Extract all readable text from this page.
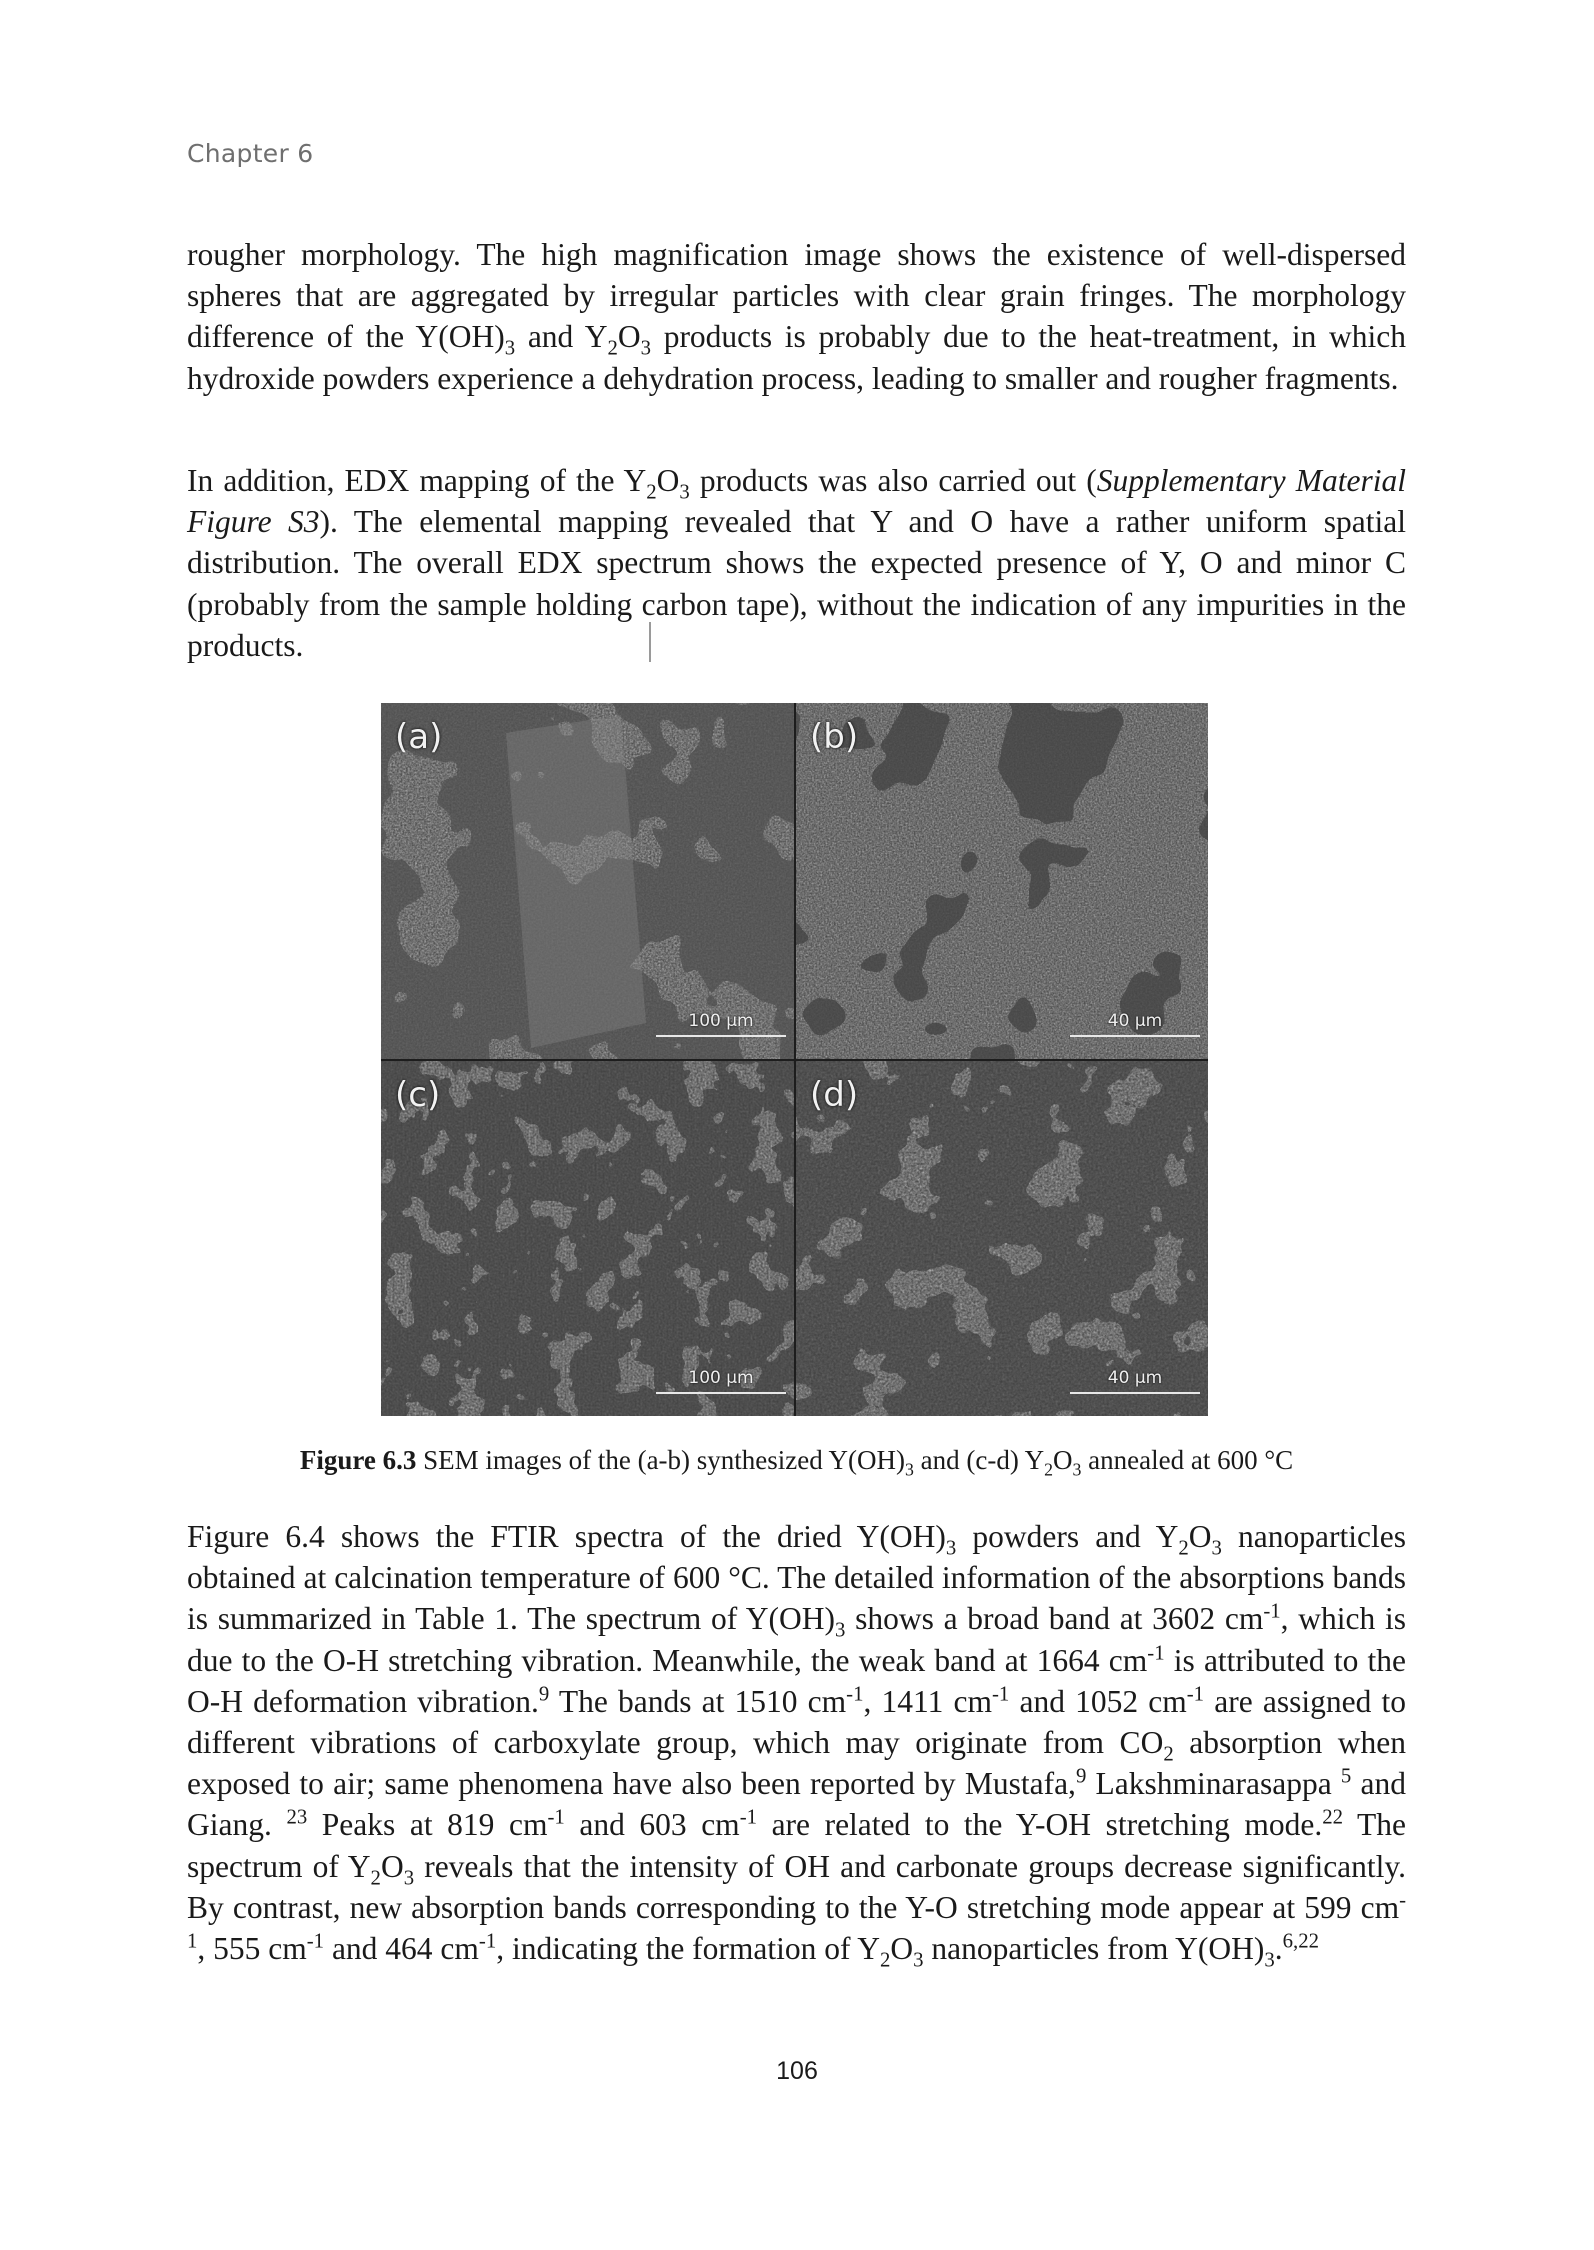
Chapter 6

rougher morphology. The high magnification image shows the existence of well-dispersed spheres that are aggregated by irregular particles with clear grain fringes. The morphology difference of the $Y(OH)_3$ and $Y_2O_3$ products is probably due to the heat-treatment, in which hydroxide powders experience a dehydration process, leading to smaller and rougher fragments.

In addition, EDX mapping of the $Y_2O_3$ products was also carried out (Supplementary Material Figure S3). The elemental mapping revealed that Y and O have a rather uniform spatial distribution. The overall EDX spectrum shows the expected presence of Y, O and minor C (probably from the sample holding carbon tape), without the indication of any impurities in the products.

(a)
100 µm
(b)
40 µm
(c)
100 µm
(d)
40 µm
Figure 6.3 SEM images of the (a-b) synthesized $Y(OH)_3$ and (c-d) $Y_2O_3$ annealed at 600 °C

Figure 6.4 shows the FTIR spectra of the dried $Y(OH)_3$ powders and $Y_2O_3$ nanoparticles obtained at calcination temperature of 600 °C. The detailed information of the absorptions bands is summarized in Table 1. The spectrum of $Y(OH)_3$ shows a broad band at 3602 $cm^{-1}$, which is due to the O-H stretching vibration. Meanwhile, the weak band at 1664 $cm^{-1}$ is attributed to the O-H deformation vibration.$^9$ The bands at 1510 $cm^{-1}$, 1411 $cm^{-1}$ and 1052 $cm^{-1}$ are assigned to different vibrations of carboxylate group, which may originate from $CO_2$ absorption when exposed to air; same phenomena have also been reported by Mustafa,$^9$ Lakshminarasappa $^5$ and Giang. $^{23}$ Peaks at 819 $cm^{-1}$ and 603 $cm^{-1}$ are related to the Y-OH stretching mode.$^{22}$ The spectrum of $Y_2O_3$ reveals that the intensity of OH and carbonate groups decrease significantly. By contrast, new absorption bands corresponding to the Y-O stretching mode appear at 599 $cm^{-1}$, 555 $cm^{-1}$ and 464 $cm^{-1}$, indicating the formation of $Y_2O_3$ nanoparticles from $Y(OH)_3.^{6,22}$

106
